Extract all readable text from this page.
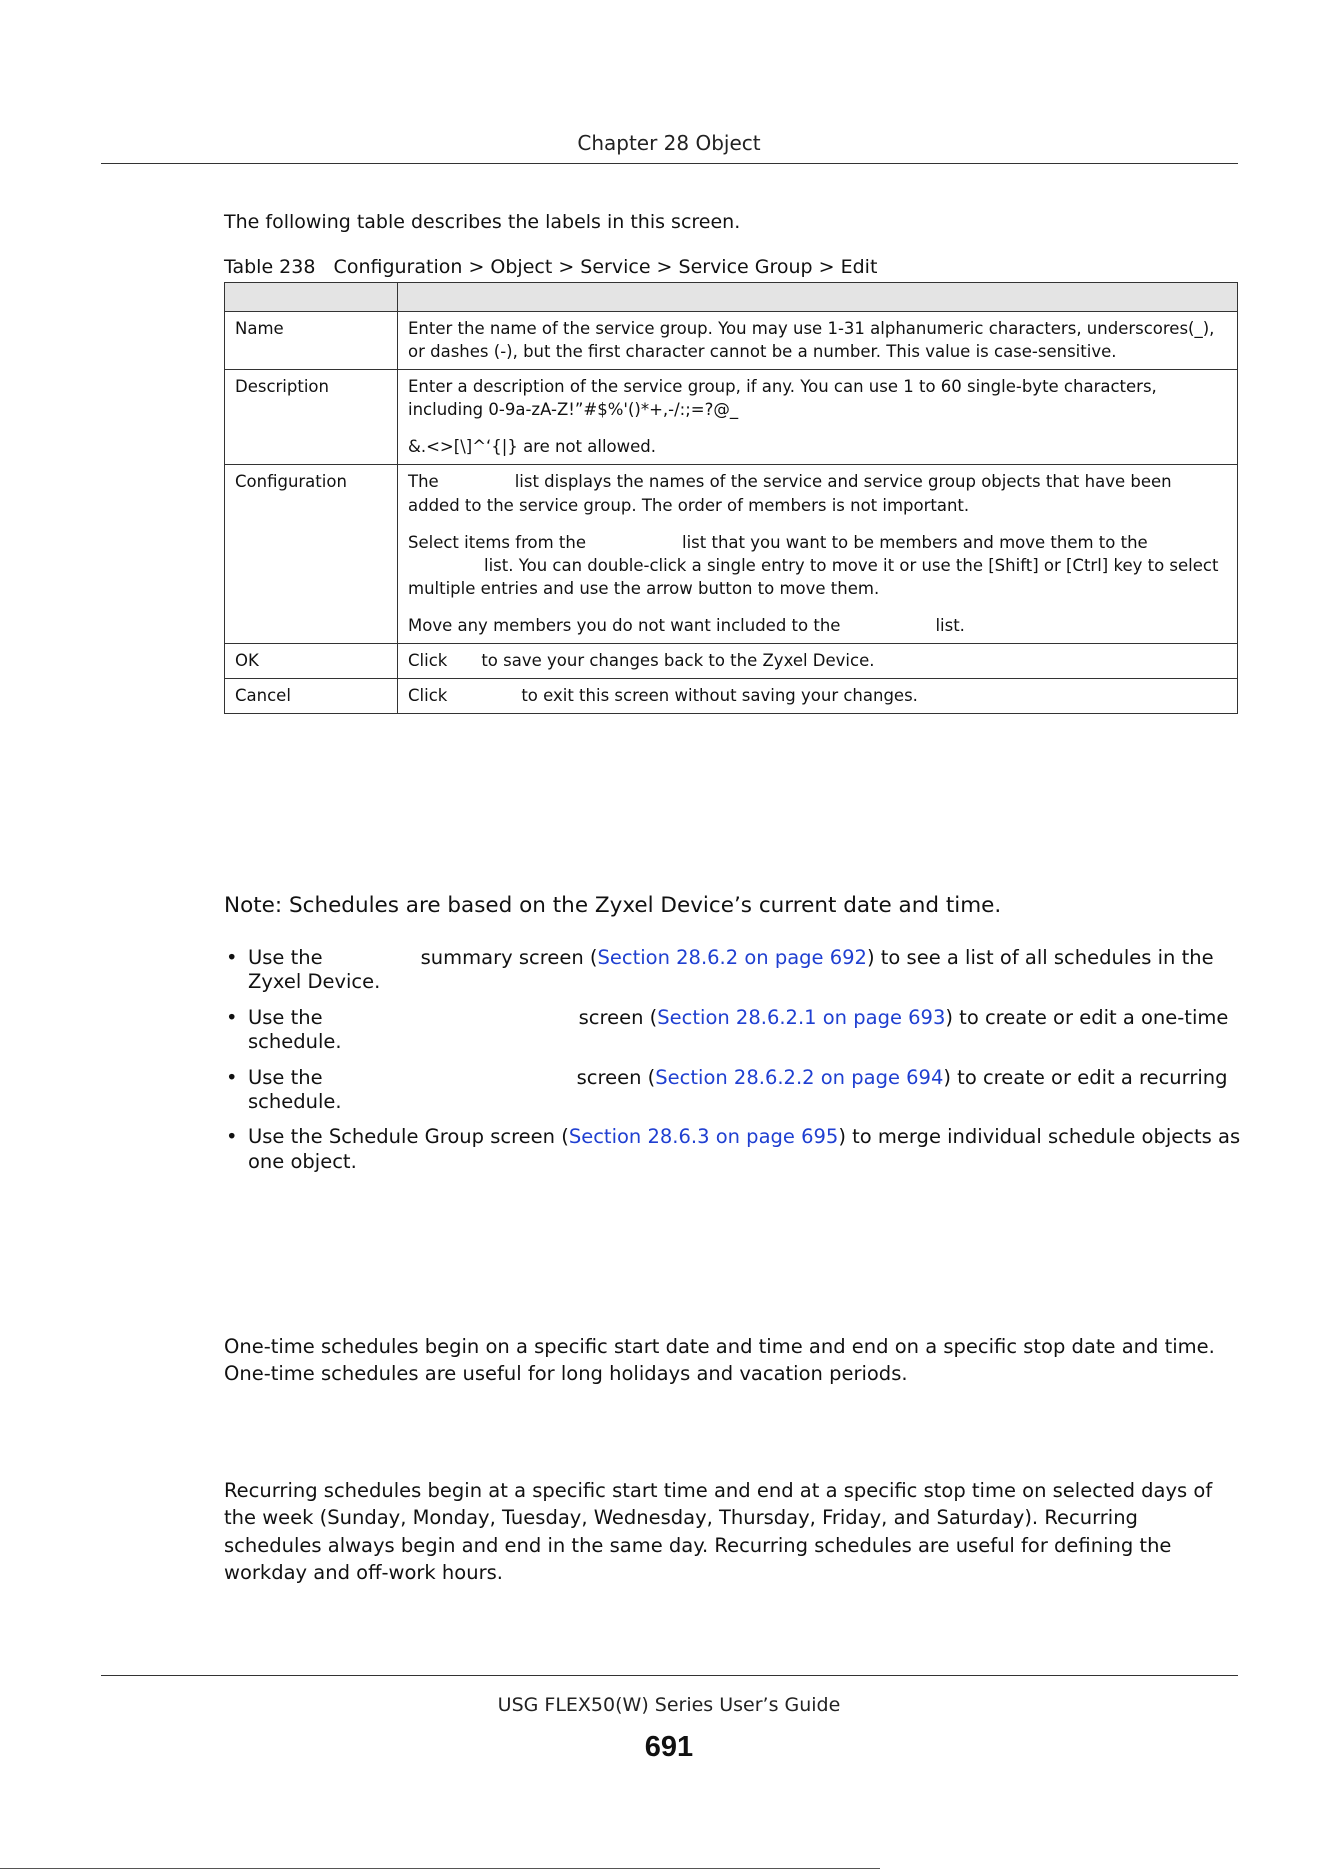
Chapter 28 Object
The following table describes the labels in this screen.
Table 238   Configuration > Object > Service > Service Group > Edit

Name	Enter the name of the service group. You may use 1-31 alphanumeric characters, underscores(_), or dashes (-), but the first character cannot be a number. This value is case-sensitive.

Description	Enter a description of the service group, if any. You can use 1 to 60 single-byte characters, including 0-9a-zA-Z!”#$%'()*+,-/:;=?@_

&.<>[\]^‘{|} are not allowed.

Configuration	The list displays the names of the service and service group objects that have been added to the service group. The order of members is not important.

Select items from the list that you want to be members and move them to the
list. You can double-click a single entry to move it or use the [Shift] or [Ctrl] key to select multiple entries and use the arrow button to move them.

Move any members you do not want included to the list.

OK	Click to save your changes back to the Zyxel Device.
Cancel	Click to exit this screen without saving your changes.
Note: Schedules are based on the Zyxel Device’s current date and time.
• Use the	summary screen (Section 28.6.2 on page 692) to see a list of all schedules in the Zyxel Device.
• Use the	screen (Section 28.6.2.1 on page 693) to create or edit a one-time schedule.
• Use the	screen (Section 28.6.2.2 on page 694) to create or edit a recurring schedule.
• Use the Schedule Group screen (Section 28.6.3 on page 695) to merge individual schedule objects as one object.
One-time schedules begin on a specific start date and time and end on a specific stop date and time. One-time schedules are useful for long holidays and vacation periods.
Recurring schedules begin at a specific start time and end at a specific stop time on selected days of the week (Sunday, Monday, Tuesday, Wednesday, Thursday, Friday, and Saturday). Recurring schedules always begin and end in the same day. Recurring schedules are useful for defining the workday and off-work hours.
USG FLEX50(W) Series User’s Guide
691
